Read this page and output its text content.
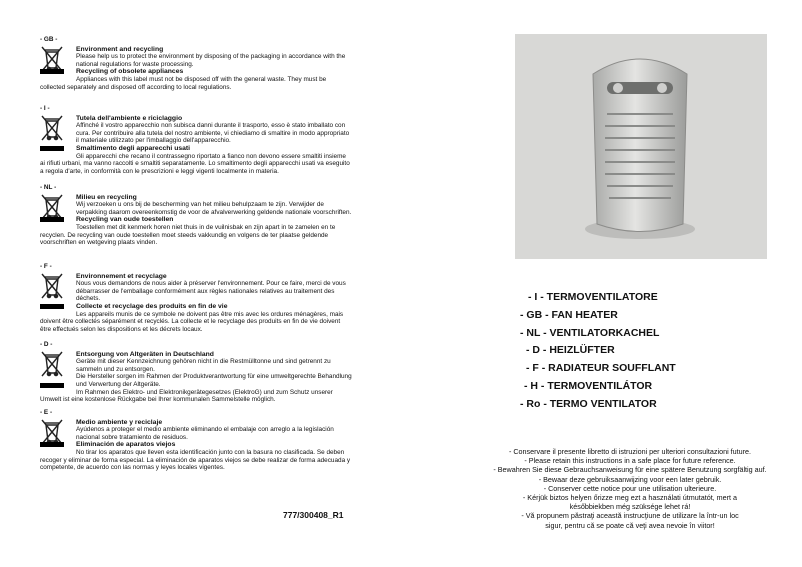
- GB -
Environment and recycling
Please help us to protect the environment by disposing of the packaging in accordance with the national regulations for waste processing.
Recycling of obsolete appliances
Appliances with this label must not be disposed off with the general waste. They must be collected separately and disposed off according to local regulations.
- I -
Tutela dell'ambiente e riciclaggio
Affinché il vostro apparecchio non subisca danni durante il trasporto, esso è stato imballato con cura. Per contribuire alla tutela del nostro ambiente, vi chiediamo di smaltire in modo appropriato il materiale utilizzato per l'imballaggio dell'apparecchio.
Smaltimento degli apparecchi usati
Gli apparecchi che recano il contrassegno riportato a fianco non devono essere smaltiti insieme ai rifiuti urbani, ma vanno raccolti e smaltiti separatamente. Lo smaltimento degli apparecchi usati va eseguito a regola d'arte, in conformità con le prescrizioni e leggi vigenti localmente in materia.
- NL -
Milieu en recycling
Wij verzoeken u ons bij de bescherming van het milieu behulpzaam te zijn. Verwijder de verpakking daarom overeenkomstig de voor de afvalverwerking geldende nationale voorschriften.
Recycling van oude toestellen
Toestellen met dit kenmerk horen niet thuis in de vuilnisbak en zijn apart in te zamelen en te recyclen. De recycling van oude toestellen moet steeds vakkundig en volgens de ter plaatse geldende voorschriften en wetgeving plaats vinden.
- F -
Environnement et recyclage
Nous vous demandons de nous aider à préserver l'environnement. Pour ce faire, merci de vous débarrasser de l'emballage conformément aux règles nationales relatives au traitement des déchets.
Collecte et recyclage des produits en fin de vie
Les appareils munis de ce symbole ne doivent pas être mis avec les ordures ménagères, mais doivent être collectés séparément et recyclés. La collecte et le recyclage des produits en fin de vie doivent être effectués selon les dispositions et les décrets locaux.
- D -
Entsorgung von Altgeräten in Deutschland
Geräte mit dieser Kennzeichnung gehören nicht in die Restmülltonne und sind getrennt zu sammeln und zu entsorgen.
Die Hersteller sorgen im Rahmen der Produktverantwortung für eine umweltgerechte Behandlung und Verwertung der Altgeräte.
Im Rahmen des Elektro- und Elektronikgerätegesetzes (ElektroG) und zum Schutz unserer Umwelt ist eine kostenlose Rückgabe bei Ihrer kommunalen Sammelstelle möglich.
- E -
Medio ambiente y reciclaje
Ayúdenos a proteger el medio ambiente eliminando el embalaje con arreglo a la legislación nacional sobre tratamiento de residuos.
Eliminación de aparatos viejos
No tirar los aparatos que lleven esta identificación junto con la basura no clasificada. Se deben recoger y eliminar de forma especial. La eliminación de aparatos viejos se debe realizar de forma adecuada y competente, de acuerdo con las normas y leyes locales vigentes.
- I - TERMOVENTILATORE
- GB - FAN HEATER
- NL - VENTILATORKACHEL
- D - HEIZLÜFTER
- F - RADIATEUR SOUFFLANT
- H - TERMOVENTILÁTOR
- Ro - TERMO VENTILATOR
- Conservare il presente libretto di istruzioni per ulteriori consultazioni future.
- Please retain this instructions in a safe place for future reference.
- Bewahren Sie diese Gebrauchsanweisung für eine spätere Benutzung sorgfältig auf.
- Bewaar deze gebruiksaanwijzing voor een later gebruik.
- Conserver cette notice pour une utilisation ulterieure.
- Kérjük biztos helyen őrizze meg ezt a használati útmutatót, mert a későbbiekben még szüksége lehet rá!
- Vă propunem păstraţi această instrucţiune de utilizare la într-un loc sigur, pentru că se poate că veţi avea nevoie în viitor!
777/300408_R1
